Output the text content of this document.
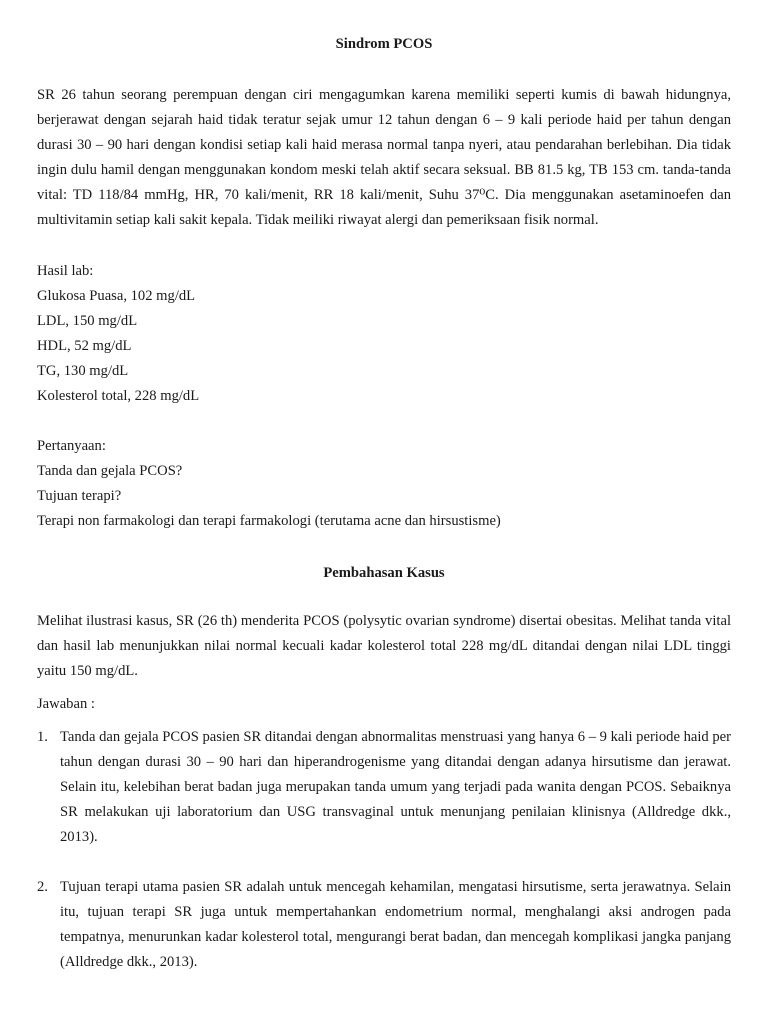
Sindrom PCOS

SR 26 tahun seorang perempuan dengan ciri mengagumkan karena memiliki seperti kumis di bawah hidungnya, berjerawat dengan sejarah haid tidak teratur sejak umur 12 tahun dengan 6 – 9 kali periode haid per tahun dengan durasi 30 – 90 hari dengan kondisi setiap kali haid merasa normal tanpa nyeri, atau pendarahan berlebihan. Dia tidak ingin dulu hamil dengan menggunakan kondom meski telah aktif secara seksual. BB 81.5 kg, TB 153 cm. tanda-tanda vital: TD 118/84 mmHg, HR, 70 kali/menit, RR 18 kali/menit, Suhu 37⁰C. Dia menggunakan asetaminoefen dan multivitamin setiap kali sakit kepala. Tidak meiliki riwayat alergi dan pemeriksaan fisik normal.

Hasil lab:
Glukosa Puasa, 102 mg/dL
LDL, 150 mg/dL
HDL, 52 mg/dL
TG, 130 mg/dL
Kolesterol total, 228 mg/dL
Pertanyaan:
Tanda dan gejala PCOS?
Tujuan terapi?
Terapi non farmakologi dan terapi farmakologi (terutama acne dan hirsustisme)
Pembahasan Kasus

Melihat ilustrasi kasus, SR (26 th) menderita PCOS (polysytic ovarian syndrome) disertai obesitas. Melihat tanda vital dan hasil lab menunjukkan nilai normal kecuali kadar kolesterol total 228 mg/dL ditandai dengan nilai LDL tinggi yaitu 150 mg/dL.

Jawaban :
1. Tanda dan gejala PCOS pasien SR ditandai dengan abnormalitas menstruasi yang hanya 6 – 9 kali periode haid per tahun dengan durasi 30 – 90 hari dan hiperandrogenisme yang ditandai dengan adanya hirsutisme dan jerawat. Selain itu, kelebihan berat badan juga merupakan tanda umum yang terjadi pada wanita dengan PCOS. Sebaiknya SR melakukan uji laboratorium dan USG transvaginal untuk menunjang penilaian klinisnya (Alldredge dkk., 2013).

2. Tujuan terapi utama pasien SR adalah untuk mencegah kehamilan, mengatasi hirsutisme, serta jerawatnya. Selain itu, tujuan terapi SR juga untuk mempertahankan endometrium normal, menghalangi aksi androgen pada tempatnya, menurunkan kadar kolesterol total, mengurangi berat badan, dan mencegah komplikasi jangka panjang (Alldredge dkk., 2013).
